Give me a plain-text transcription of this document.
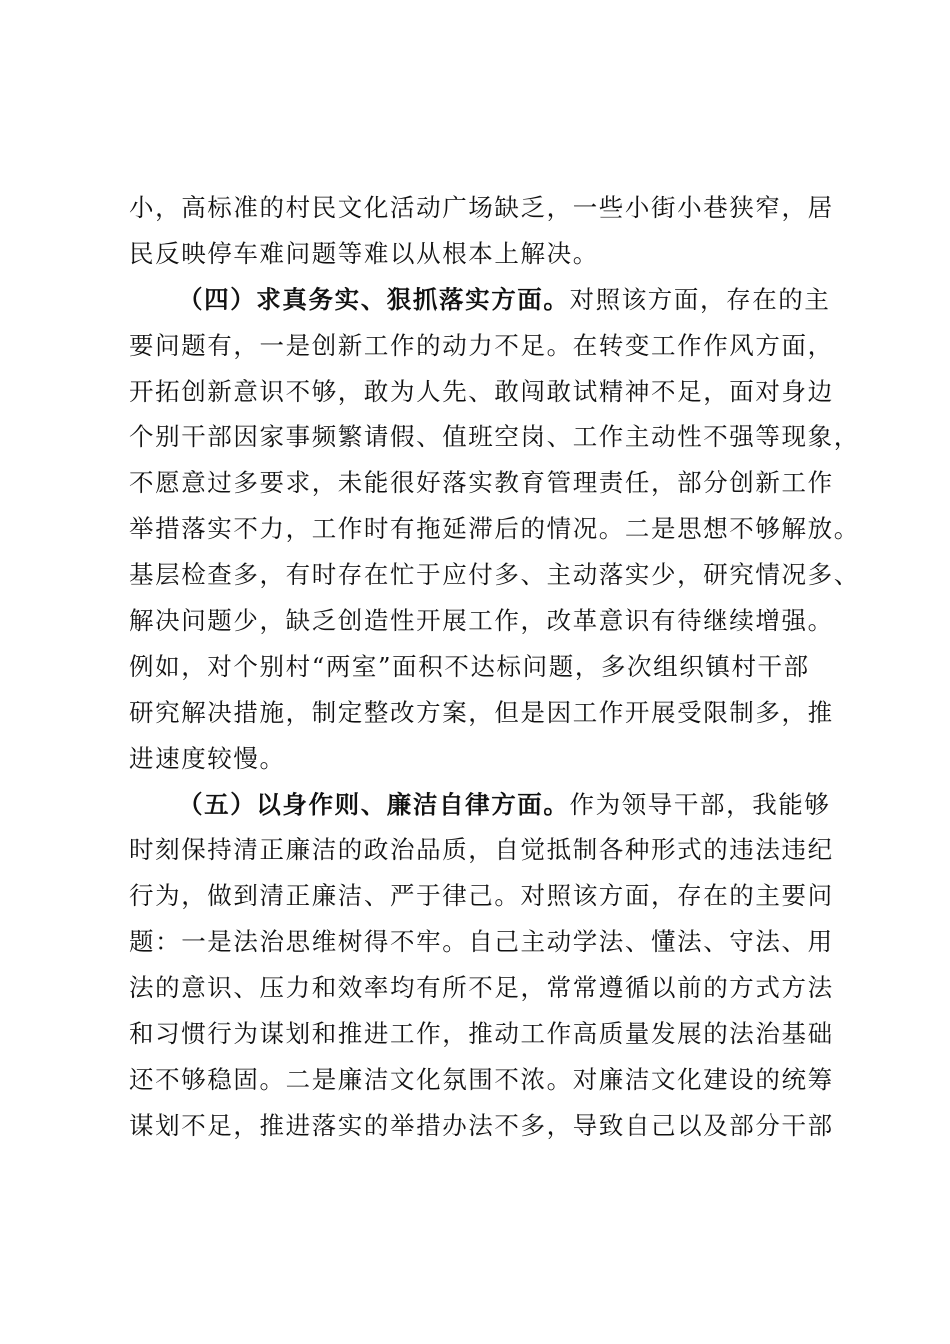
小，高标准的村民文化活动广场缺乏，一些小街小巷狭窄，居
民反映停车难问题等难以从根本上解决。
（四）求真务实、狠抓落实方面。对照该方面，存在的主
要问题有，一是创新工作的动力不足。在转变工作作风方面，
开拓创新意识不够，敢为人先、敢闯敢试精神不足，面对身边
个别干部因家事频繁请假、值班空岗、工作主动性不强等现象，
不愿意过多要求，未能很好落实教育管理责任，部分创新工作
举措落实不力，工作时有拖延滞后的情况。二是思想不够解放。
基层检查多，有时存在忙于应付多、主动落实少，研究情况多、
解决问题少，缺乏创造性开展工作，改革意识有待继续增强。
例如，对个别村“两室”面积不达标问题，多次组织镇村干部
研究解决措施，制定整改方案，但是因工作开展受限制多，推
进速度较慢。
（五）以身作则、廉洁自律方面。作为领导干部，我能够
时刻保持清正廉洁的政治品质，自觉抵制各种形式的违法违纪
行为，做到清正廉洁、严于律己。对照该方面，存在的主要问
题：一是法治思维树得不牢。自己主动学法、懂法、守法、用
法的意识、压力和效率均有所不足，常常遵循以前的方式方法
和习惯行为谋划和推进工作，推动工作高质量发展的法治基础
还不够稳固。二是廉洁文化氛围不浓。对廉洁文化建设的统筹
谋划不足，推进落实的举措办法不多，导致自己以及部分干部
